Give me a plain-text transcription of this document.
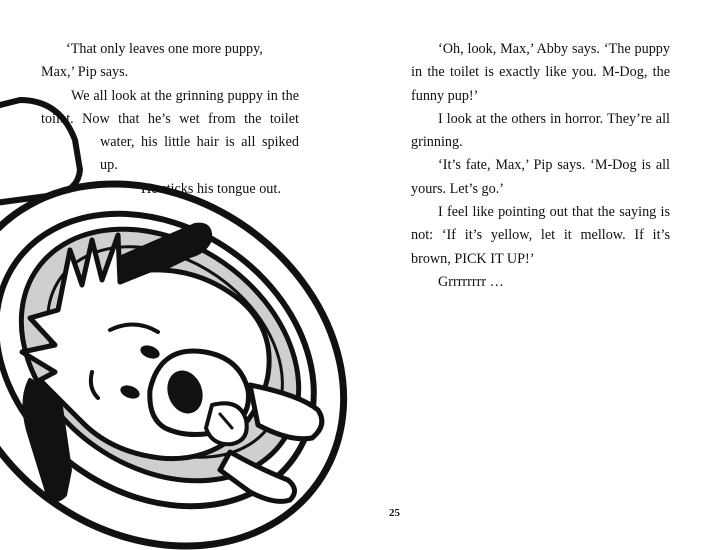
‘That only leaves one more puppy, Max,’ Pip says.

We all look at the grinning puppy in the
toilet. Now that he’s wet from the toilet
water, his little hair is all spiked up.
He sticks his tongue out.

‘Oh, look, Max,’ Abby says. ‘The puppy in the toilet is exactly like you. M-Dog, the funny pup!’

I look at the others in horror. They’re all grinning.

‘It’s fate, Max,’ Pip says. ‘M-Dog is all yours. Let’s go.’

I feel like pointing out that the saying is not: ‘If it’s yellow, let it mellow. If it’s brown, PICK IT UP!’

Grrrrrrrr …

25
